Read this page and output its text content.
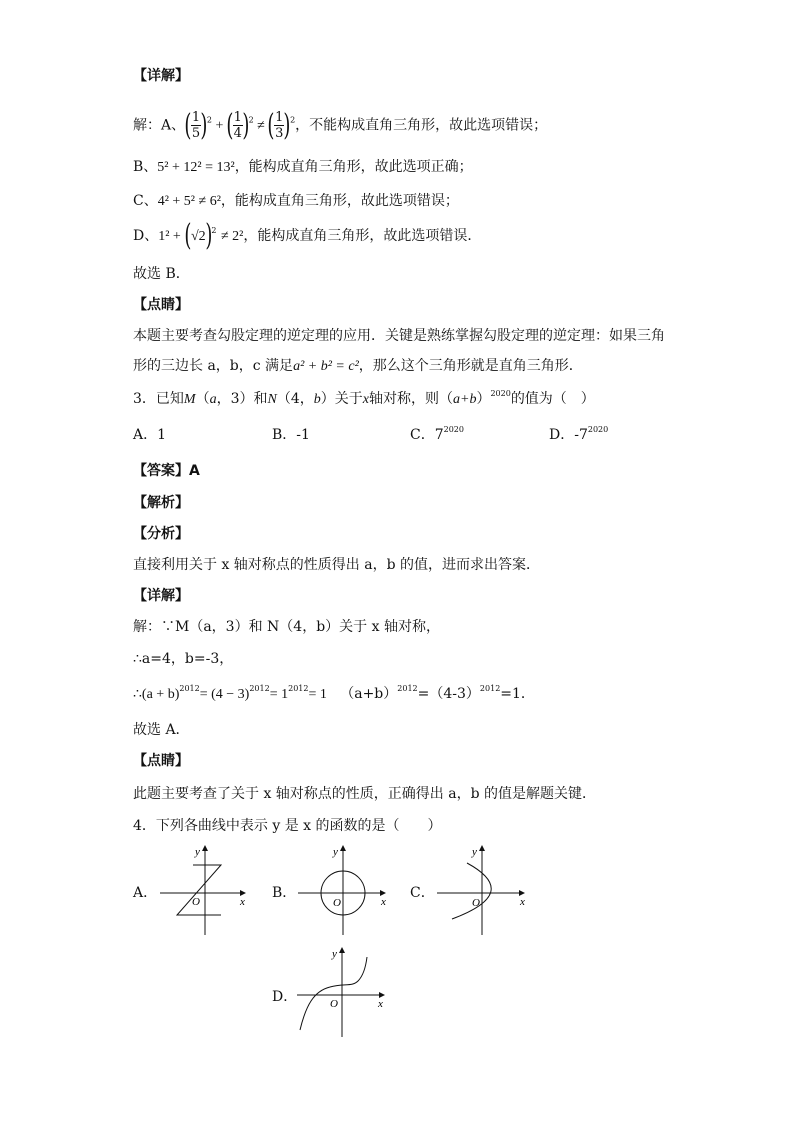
【详解】
解：A、( $\frac{1}{5} )^2$ + ( $\frac{1}{4} )^2$ ≠ ( $\frac{1}{3} )^2$，不能构成直角三角形，故此选项错误；
B、5² + 12² = 13²，能构成直角三角形，故此选项正确；
C、4² + 5² ≠ 6²，能构成直角三角形，故此选项错误；
D、$1^2 + (√2)^2 \ne 2^2$，能构成直角三角形，故此选项错误．
故选 B．
【点睛】
本题主要考查勾股定理的逆定理的应用．关键是熟练掌握勾股定理的逆定理：如果三角
形的三边长 a，b，c 满足a² + b² = c²，那么这个三角形就是直角三角形．
3．已知M（a，3）和N（4，b）关于x轴对称，则$(a+b)^{2020}$的值为（　）
A．1	B．-1	C．$7^{2020}$	D．$-7^{2020}$
【答案】A
【解析】
【分析】
直接利用关于 x 轴对称点的性质得出 a，b 的值，进而求出答案．
【详解】
解：∵M（a，3）和 N（4，b）关于 x 轴对称，
∴a=4，b=-3，
∴(a + $b)^{2012}= (4 - 3)^{2012}= 1^{2012}= 1$ $(a+b)^{2012}=(4-3)^{2012}=1$．
故选 A．
【点睛】
此题主要考查了关于 x 轴对称点的性质，正确得出 a，b 的值是解题关键．
4．下列各曲线中表示 y 是 x 的函数的是（　　）
A．	B．	C．
D．
x
y
O	x
y
O	x
y
O
x
y
O
